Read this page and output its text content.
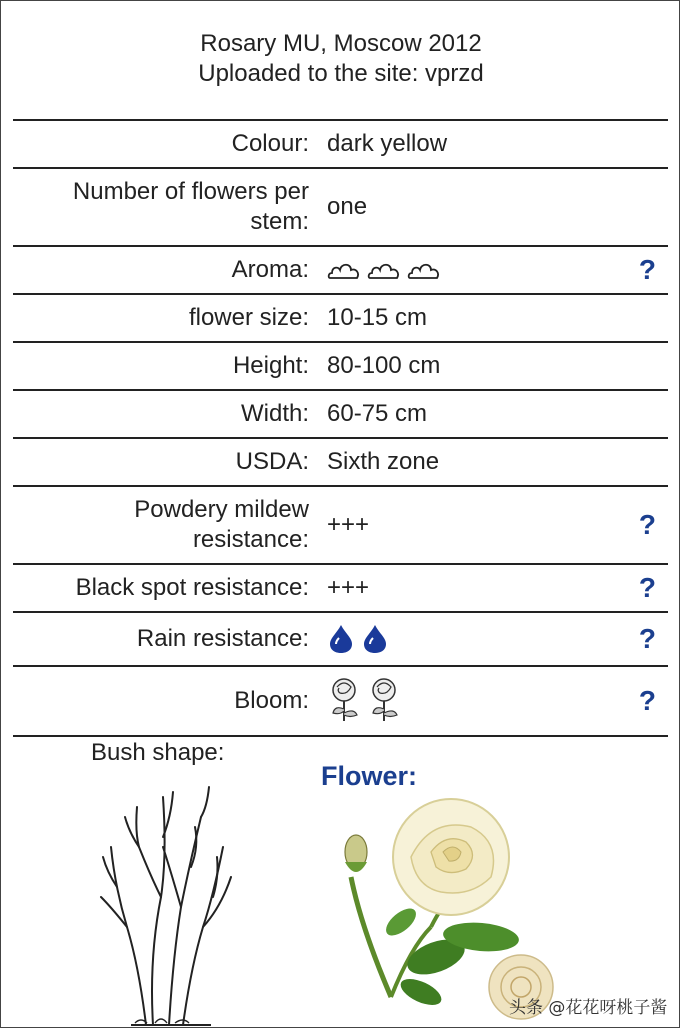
Rosary MU, Moscow 2012
Uploaded to the site: vprzd
Colour: dark yellow
Number of flowers per
stem:
one
Aroma:	?
flower size: 10-15 cm
Height: 80-100 cm
Width: 60-75 cm
USDA: Sixth zone
Powdery mildew
resistance:
+++	?
Black spot resistance: +++	?
Rain resistance:	?
Bloom:	?
Bush shape:
Flower:
头条 @花花呀桃子酱
